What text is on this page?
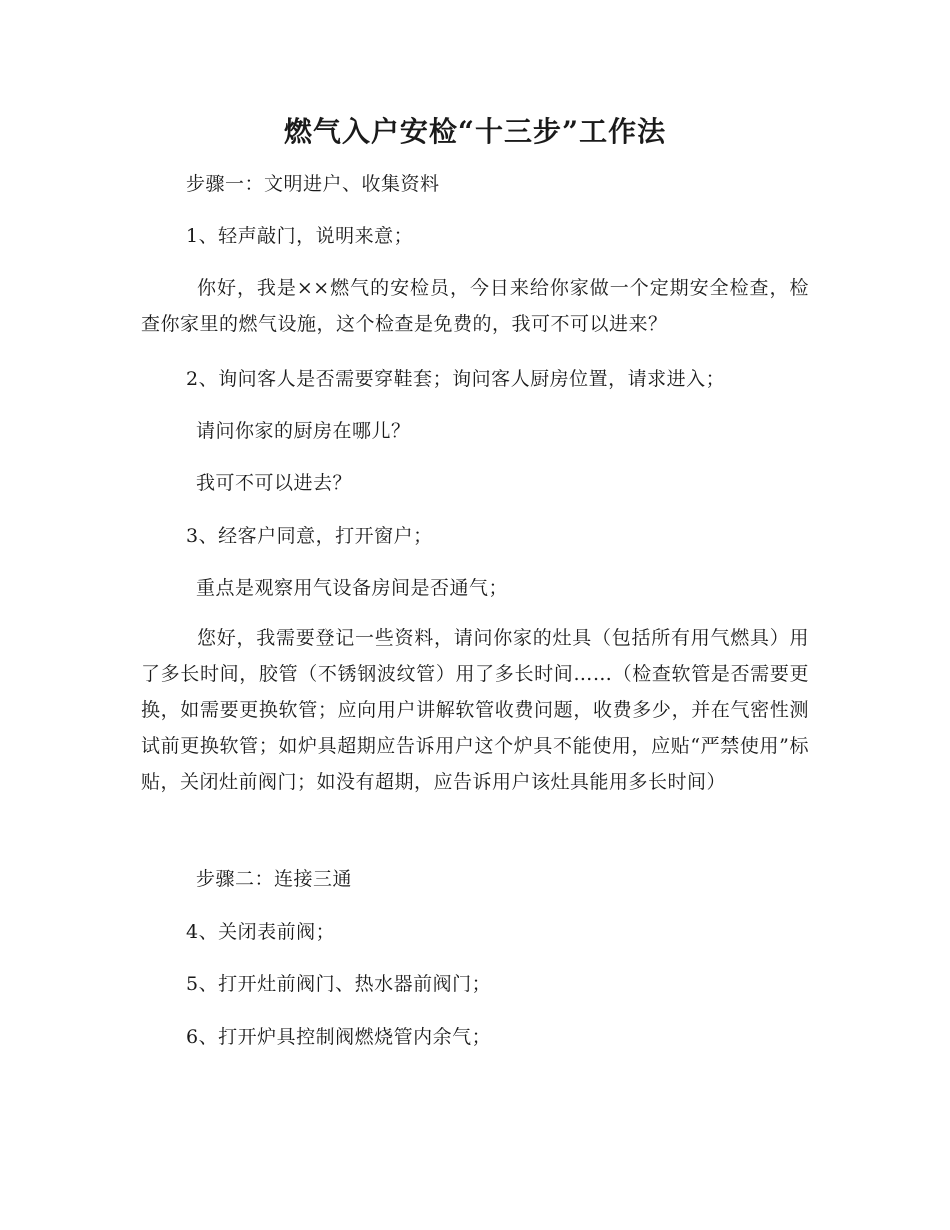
燃气入户安检“十三步”工作法
步骤一：文明进户、收集资料
1、轻声敲门，说明来意；
你好，我是××燃气的安检员，今日来给你家做一个定期安全检查，检查你家里的燃气设施，这个检查是免费的，我可不可以进来？
2、询问客人是否需要穿鞋套；询问客人厨房位置，请求进入；
请问你家的厨房在哪儿？
我可不可以进去？
3、经客户同意，打开窗户；
重点是观察用气设备房间是否通气；
您好，我需要登记一些资料，请问你家的灶具（包括所有用气燃具）用了多长时间，胶管（不锈钢波纹管）用了多长时间……（检查软管是否需要更换，如需要更换软管；应向用户讲解软管收费问题，收费多少，并在气密性测试前更换软管；如炉具超期应告诉用户这个炉具不能使用，应贴“严禁使用”标贴，关闭灶前阀门；如没有超期，应告诉用户该灶具能用多长时间）
步骤二：连接三通
4、关闭表前阀；
5、打开灶前阀门、热水器前阀门；
6、打开炉具控制阀燃烧管内余气；
